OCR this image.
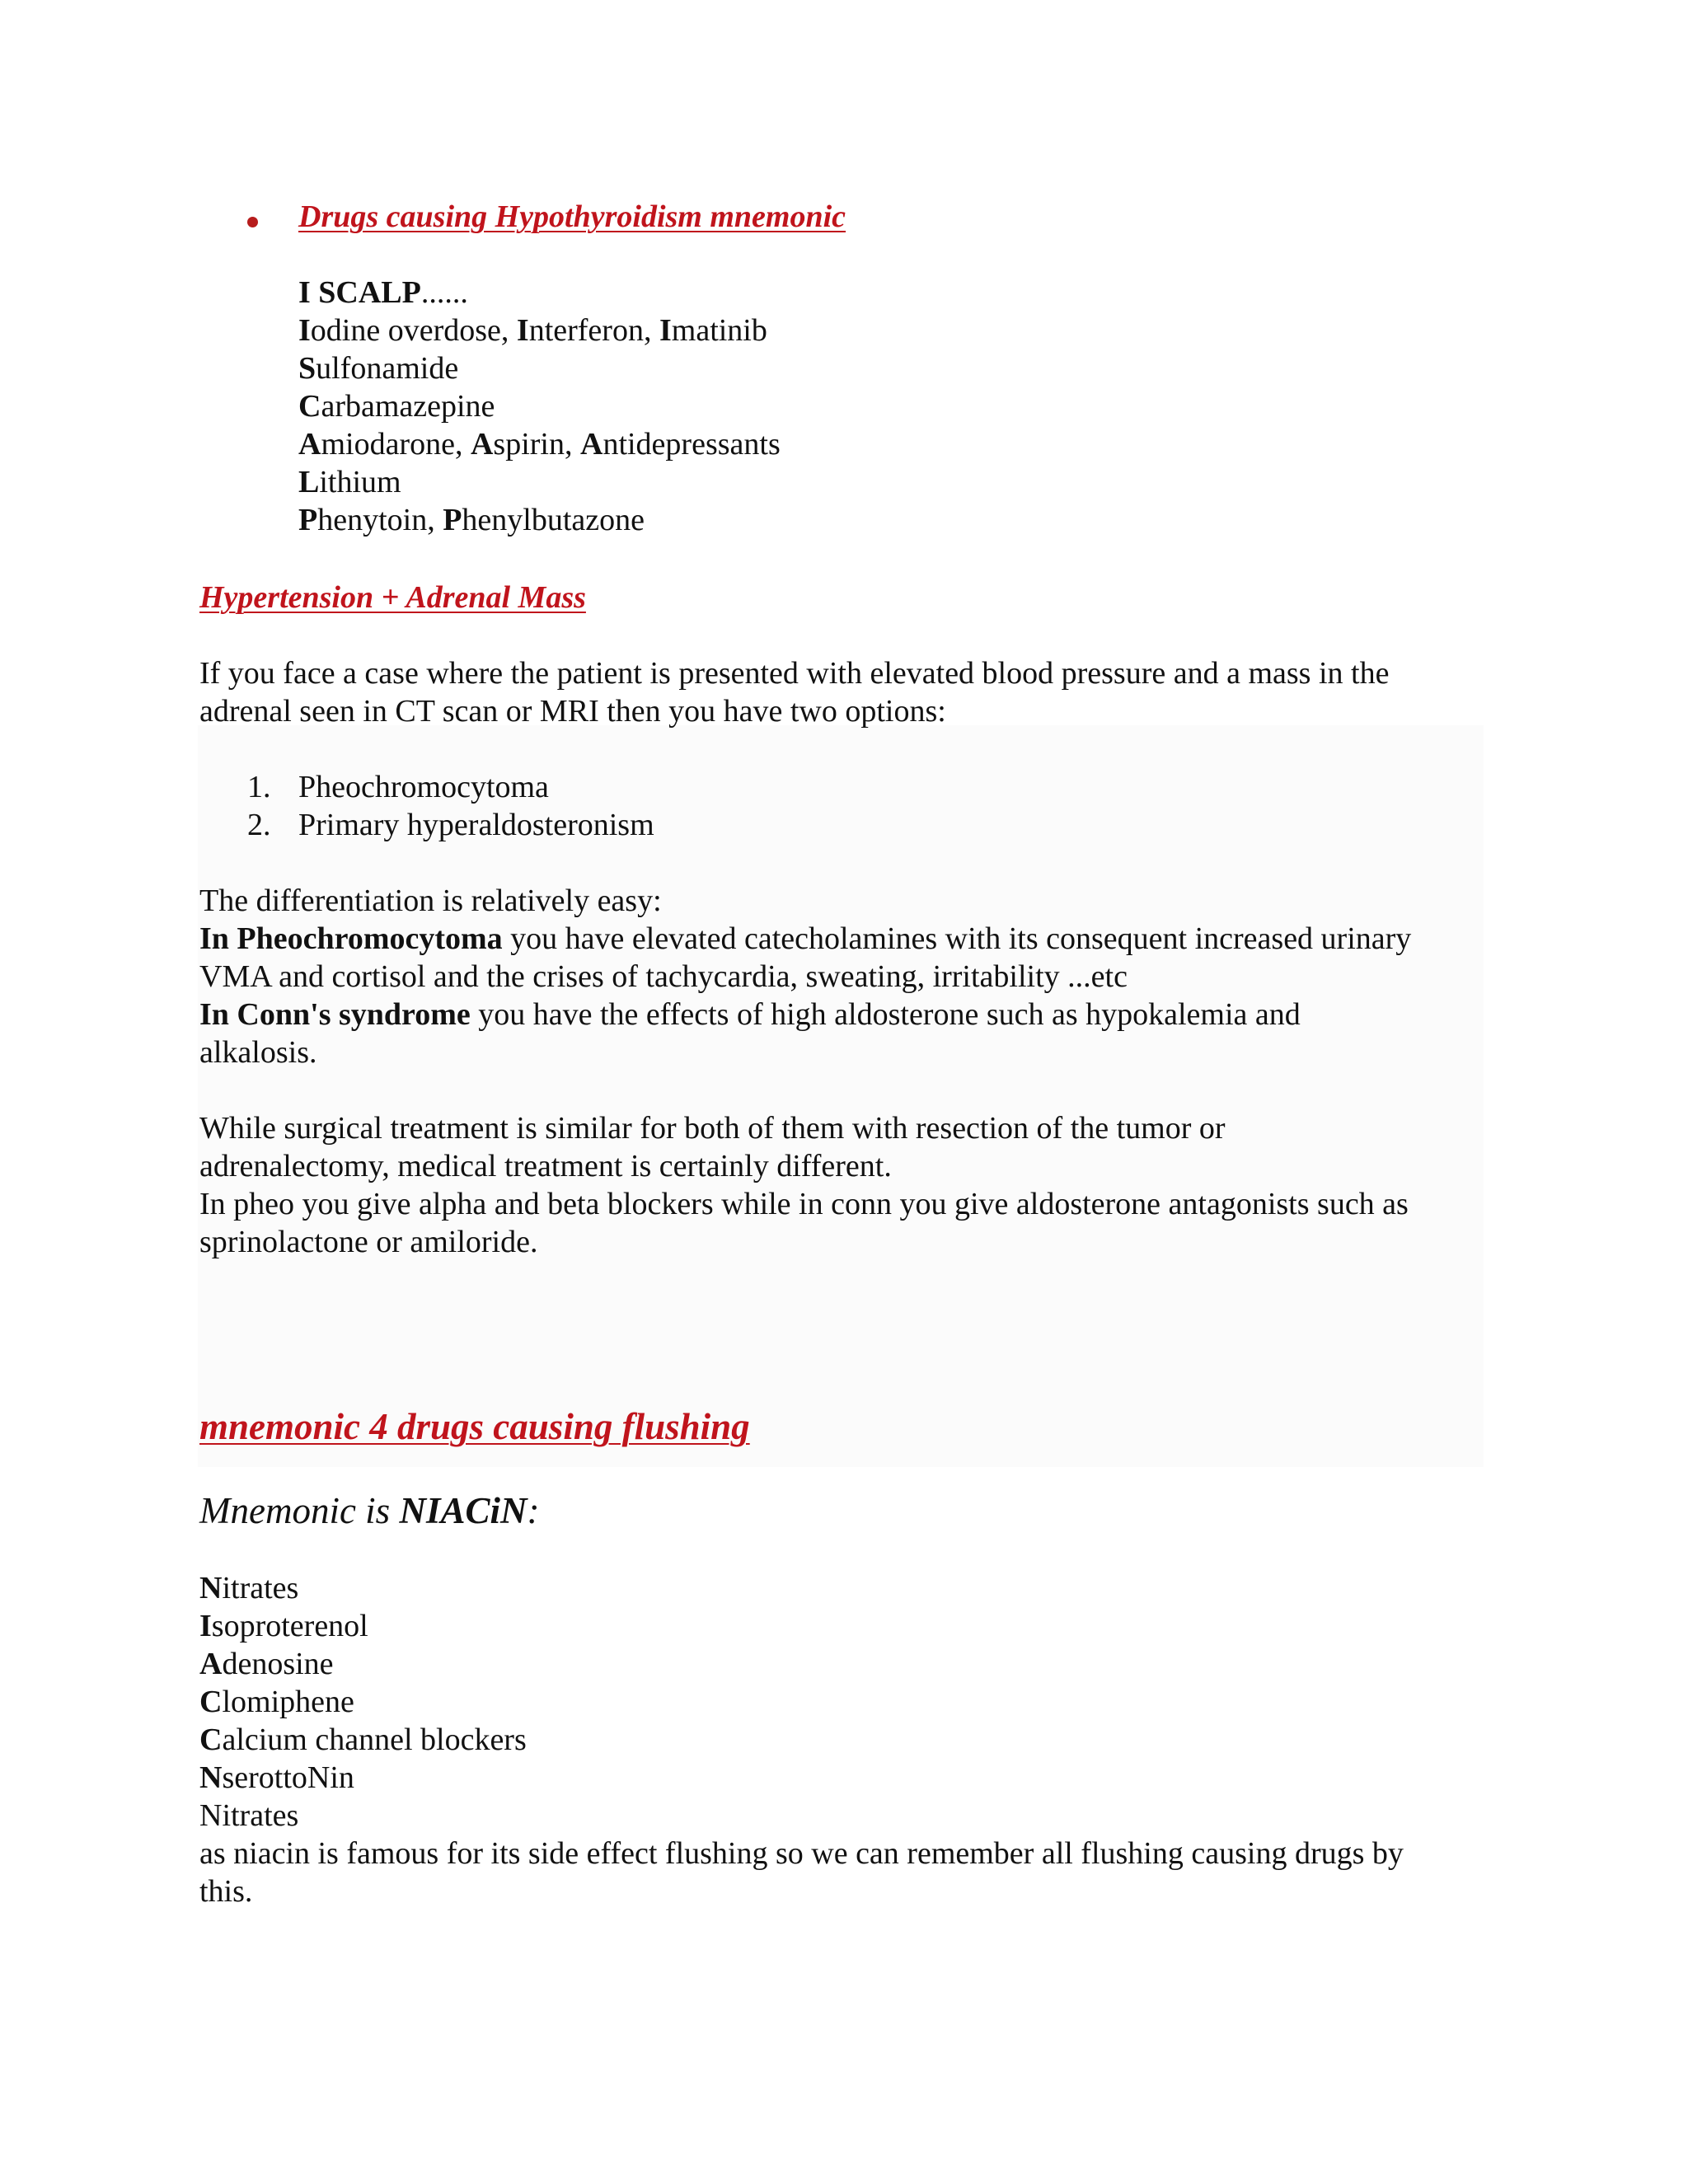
Drugs causing Hypothyroidism mnemonic
I SCALP......
Iodine overdose, Interferon, Imatinib
Sulfonamide
Carbamazepine
Amiodarone, Aspirin, Antidepressants
Lithium
Phenytoin, Phenylbutazone
Hypertension + Adrenal Mass
If you face a case where the patient is presented with elevated blood pressure and a mass in the
adrenal seen in CT scan or MRI then you have two options:
1. Pheochromocytoma
2. Primary hyperaldosteronism
The differentiation is relatively easy:
In Pheochromocytoma you have elevated catecholamines with its consequent increased urinary
VMA and cortisol and the crises of tachycardia, sweating, irritability ...etc
In Conn's syndrome you have the effects of high aldosterone such as hypokalemia and
alkalosis.
While surgical treatment is similar for both of them with resection of the tumor or
adrenalectomy, medical treatment is certainly different.
In pheo you give alpha and beta blockers while in conn you give aldosterone antagonists such as
sprinolactone or amiloride.
mnemonic 4 drugs causing flushing
Mnemonic is NIACiN:
Nitrates
Isoproterenol
Adenosine
Clomiphene
Calcium channel blockers
NserottoNin
Nitrates
as niacin is famous for its side effect flushing so we can remember all flushing causing drugs by
this.
